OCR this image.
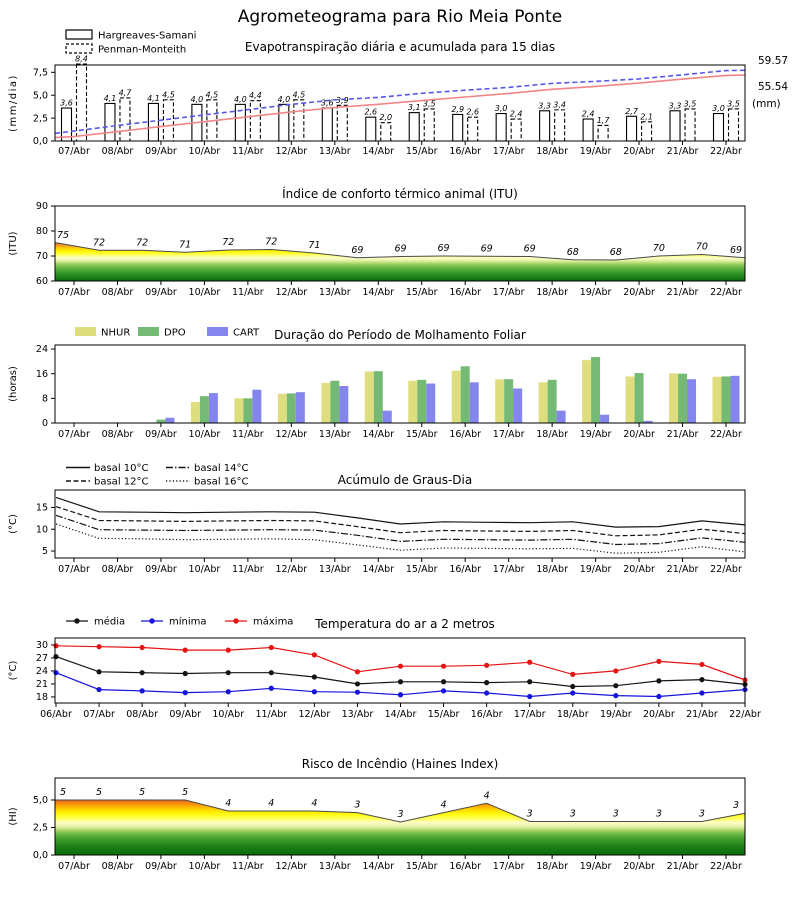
Agrometeograma para Rio Meia Ponte
0,0
2,5
5,0
7,5
07/Abr 08/Abr 09/Abr 10/Abr 11/Abr 12/Abr 13/Abr 14/Abr 15/Abr 16/Abr 17/Abr 18/Abr 19/Abr 20/Abr 21/Abr 22/Abr
3,6
4,1	4,1	4,0	4,0	4,0	3,6
2,6
3,1	2,9	3,0	3,3
2,4	2,7
3,3	3,0
8,4
4,7	4,5	4,5	4,4	4,5
3,9
2,0
3,5
2,6	2,4
3,4
1,7	2,1
3,5	3,5
Evapotranspiração diária e acumulada para 15 dias
(mm/dia)
Hargreaves-Samani
Penman-Monteith
59.57
55.54
(mm)
60
70
80
90
07/Abr 08/Abr 09/Abr 10/Abr 11/Abr 12/Abr 13/Abr 14/Abr 15/Abr 16/Abr 17/Abr 18/Abr 19/Abr 20/Abr 21/Abr 22/Abr
75
72	72	71	72	72	71	69	69	69	69	69	68	68	70	70 69
Índice de conforto térmico animal (ITU)
(ITU)
0
8
16
24
07/Abr 08/Abr 09/Abr 10/Abr 11/Abr 12/Abr 13/Abr 14/Abr 15/Abr 16/Abr 17/Abr 18/Abr 19/Abr 20/Abr 21/Abr 22/Abr
Duração do Período de Molhamento Foliar
(horas)
NHUR	DPO	CART
5
10
15
07/Abr 08/Abr 09/Abr 10/Abr 11/Abr 12/Abr 13/Abr 14/Abr 15/Abr 16/Abr 17/Abr 18/Abr 19/Abr 20/Abr 21/Abr 22/Abr
Acúmulo de Graus-Dia
(°C)
basal 10°C
basal 12°C
basal 14°C
basal 16°C
18
21
24
27
30
06/Abr 07/Abr 08/Abr 09/Abr 10/Abr 11/Abr 12/Abr 13/Abr 14/Abr 15/Abr 16/Abr 17/Abr 18/Abr 19/Abr 20/Abr 21/Abr 22/Abr
Temperatura do ar a 2 metros
(°C)
média	mínima	máxima
0,0
2,5
5,0
07/Abr 08/Abr 09/Abr 10/Abr 11/Abr 12/Abr 13/Abr 14/Abr 15/Abr 16/Abr 17/Abr 18/Abr 19/Abr 20/Abr 21/Abr 22/Abr
5	5	5	5
4	4	4	3
3
4
4
3	3	3	3	3
3
Risco de Incêndio (Haines Index)
(HI)
